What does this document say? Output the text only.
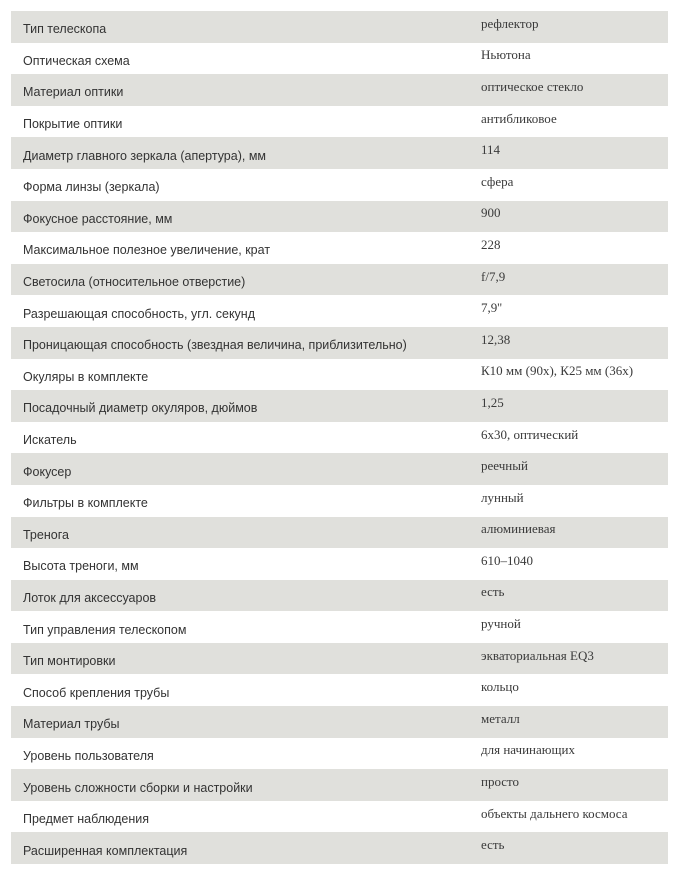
Тип телескопа	рефлектор
Оптическая схема	Ньютона
Материал оптики	оптическое стекло
Покрытие оптики	антибликовое
Диаметр главного зеркала (апертура), мм	114
Форма линзы (зеркала)	сфера
Фокусное расстояние, мм	900
Максимальное полезное увеличение, крат	228
Светосила (относительное отверстие)	f/7,9
Разрешающая способность, угл. секунд	7,9''
Проницающая способность (звездная величина, приблизительно)	12,38
Окуляры в комплекте	К10 мм (90х), К25 мм (36х)
Посадочный диаметр окуляров, дюймов	1,25
Искатель	6х30, оптический
Фокусер	реечный
Фильтры в комплекте	лунный
Тренога	алюминиевая
Высота треноги, мм	610–1040
Лоток для аксессуаров	есть
Тип управления телескопом	ручной
Тип монтировки	экваториальная EQ3
Способ крепления трубы	кольцо
Материал трубы	металл
Уровень пользователя	для начинающих
Уровень сложности сборки и настройки	просто
Предмет наблюдения	объекты дальнего космоса
Расширенная комплектация	есть
